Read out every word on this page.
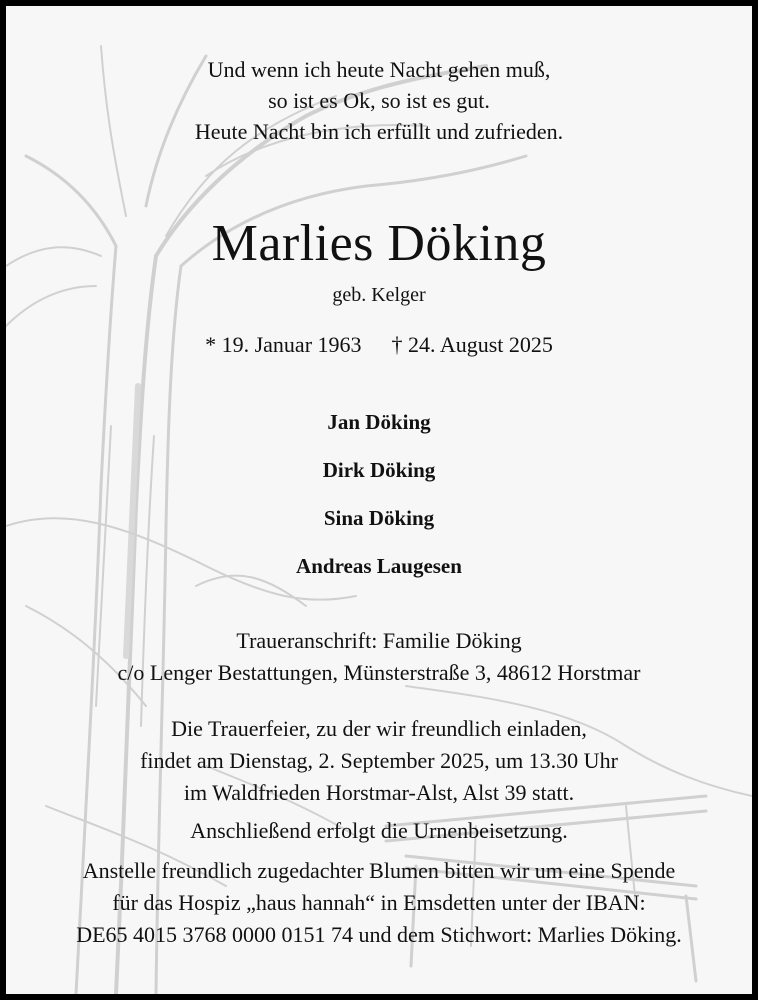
Und wenn ich heute Nacht gehen muß,
so ist es Ok, so ist es gut.
Heute Nacht bin ich erfüllt und zufrieden.
Marlies Döking
geb. Kelger
* 19. Januar 1963 † 24. August 2025
Jan Döking
Dirk Döking
Sina Döking
Andreas Laugesen
Traueranschrift: Familie Döking
c/o Lenger Bestattungen, Münsterstraße 3, 48612 Horstmar
Die Trauerfeier, zu der wir freundlich einladen,
findet am Dienstag, 2. September 2025, um 13.30 Uhr
im Waldfrieden Horstmar-Alst, Alst 39 statt.
Anschließend erfolgt die Urnenbeisetzung.
Anstelle freundlich zugedachter Blumen bitten wir um eine Spende
für das Hospiz „haus hannah“ in Emsdetten unter der IBAN:
DE65 4015 3768 0000 0151 74 und dem Stichwort: Marlies Döking.
